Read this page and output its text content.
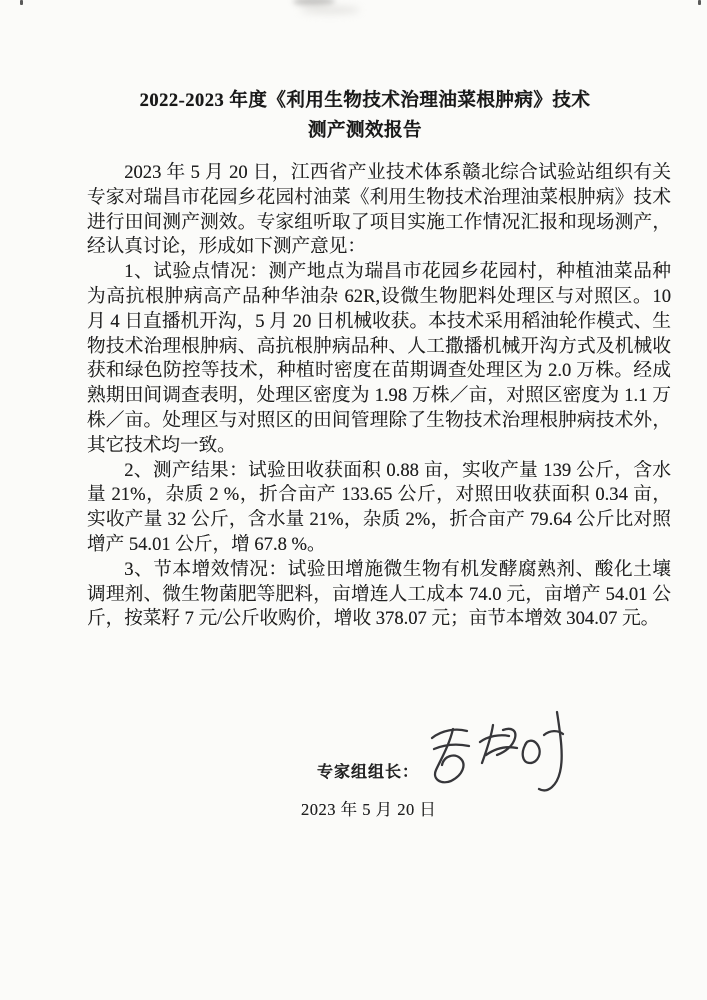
2022-2023 年度《利用生物技术治理油菜根肿病》技术
测产测效报告

2023 年 5 月 20 日，江西省产业技术体系赣北综合试验站组织有关专家对瑞昌市花园乡花园村油菜《利用生物技术治理油菜根肿病》技术进行田间测产测效。专家组听取了项目实施工作情况汇报和现场测产，经认真讨论，形成如下测产意见：

1、试验点情况：测产地点为瑞昌市花园乡花园村，种植油菜品种为高抗根肿病高产品种华油杂 62R,设微生物肥料处理区与对照区。10 月 4 日直播机开沟，5 月 20 日机械收获。本技术采用稻油轮作模式、生物技术治理根肿病、高抗根肿病品种、人工撒播机械开沟方式及机械收获和绿色防控等技术，种植时密度在苗期调查处理区为 2.0 万株。经成熟期田间调查表明，处理区密度为 1.98 万株／亩，对照区密度为 1.1 万株／亩。处理区与对照区的田间管理除了生物技术治理根肿病技术外，其它技术均一致。

2、测产结果：试验田收获面积 0.88 亩，实收产量 139 公斤，含水量 21%，杂质 2 %，折合亩产 133.65 公斤，对照田收获面积 0.34 亩，实收产量 32 公斤，含水量 21%，杂质 2%，折合亩产 79.64 公斤比对照增产 54.01 公斤，增 67.8 %。

3、节本增效情况：试验田增施微生物有机发酵腐熟剂、酸化土壤调理剂、微生物菌肥等肥料，亩增连人工成本 74.0 元，亩增产 54.01 公斤，按菜籽 7 元/公斤收购价，增收 378.07 元；亩节本增效 304.07 元。

专家组组长：
2023 年 5 月 20 日
